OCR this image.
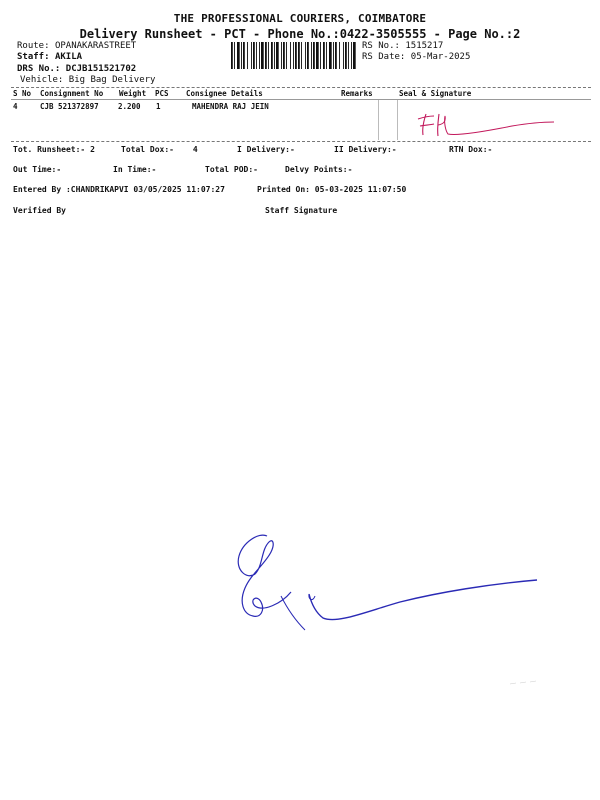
THE PROFESSIONAL COURIERS, COIMBATORE
Delivery Runsheet - PCT - Phone No.:0422-3505555 - Page No.:2
Route: OPANAKARASTREET
Staff: AKILA
DRS No.: DCJB151521702
Vehicle: Big Bag Delivery
RS No.: 1515217
RS Date: 05-Mar-2025
S No Consignment No Weight PCS Consignee Details	Remarks	Seal & Signature
4	CJB 521372897	2.200 1	MAHENDRA RAJ JEIN
Tot. Runsheet:- 2	Total Dox:- 4	I Delivery:-	II Delivery:-	RTN Dox:-
Out Time:-	In Time:-	Total POD:-	Delvy Points:-
Entered By :CHANDRIKAPVI 03/05/2025 11:07:27	Printed On: 05-03-2025 11:07:50
Verified By	Staff Signature
